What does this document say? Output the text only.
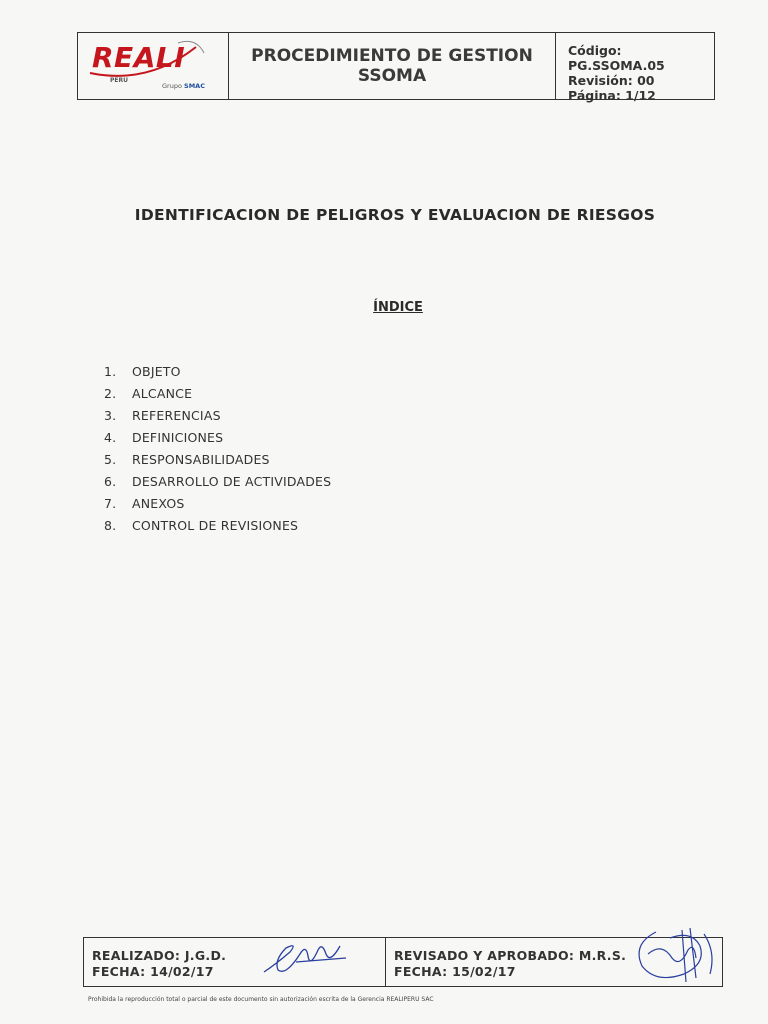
REALI
PERU
Grupo SMAC
PROCEDIMIENTO DE GESTION
SSOMA
Código: PG.SSOMA.05
Revisión: 00
Página: 1/12
IDENTIFICACION DE PELIGROS Y EVALUACION DE RIESGOS
ÍNDICE
1.	OBJETO
2.	ALCANCE
3.	REFERENCIAS
4.	DEFINICIONES
5.	RESPONSABILIDADES
6.	DESARROLLO DE ACTIVIDADES
7.	ANEXOS
8.	CONTROL DE REVISIONES
REALIZADO: J.G.D.
FECHA: 14/02/17
REVISADO Y APROBADO: M.R.S.
FECHA: 15/02/17
Prohibida la reproducción total o parcial de este documento sin autorización escrita de la Gerencia REALIPERU SAC
